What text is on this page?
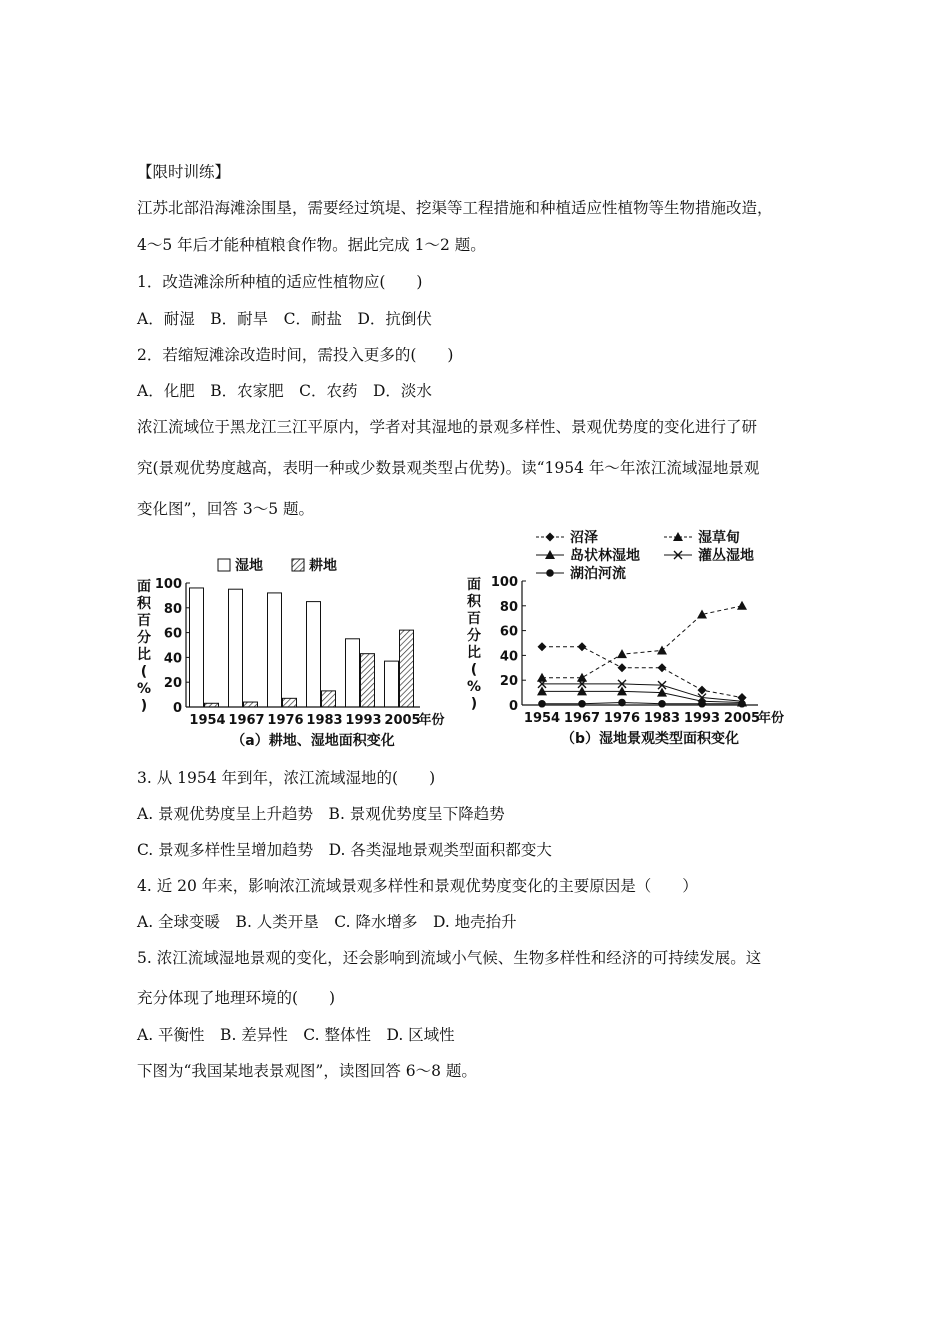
【限时训练】
江苏北部沿海滩涂围垦，需要经过筑堤、挖渠等工程措施和种植适应性植物等生物措施改造，
4～5 年后才能种植粮食作物。据此完成 1～2 题。
1．改造滩涂所种植的适应性植物应(　　)
A．耐湿　B．耐旱　C．耐盐　D．抗倒伏
2．若缩短滩涂改造时间，需投入更多的(　　)
A．化肥　B．农家肥　C．农药　D．淡水
浓江流域位于黑龙江三江平原内，学者对其湿地的景观多样性、景观优势度的变化进行了研
究(景观优势度越高，表明一种或少数景观类型占优势)。读“1954 年～年浓江流域湿地景观
变化图”，回答 3～5 题。
湿地	耕地
面
积
百
分
比
(
%
) 0
20
40
60
80
100
1954 1967 1976 1983 1993 2005
年份
（a）耕地、湿地面积变化
沼泽	湿草甸
岛状林湿地	灌丛湿地
湖泊河流
面
积
百
分
比
(
%
) 0
20
40
60
80
100
1954 1967 1976 1983 1993 2005
年份
（b）湿地景观类型面积变化
3. 从 1954 年到年，浓江流域湿地的(　　)
A. 景观优势度呈上升趋势　B. 景观优势度呈下降趋势
C. 景观多样性呈增加趋势　D. 各类湿地景观类型面积都变大
4. 近 20 年来，影响浓江流域景观多样性和景观优势度变化的主要原因是（　　）
A. 全球变暖　B. 人类开垦　C. 降水增多　D. 地壳抬升
5. 浓江流域湿地景观的变化，还会影响到流域小气候、生物多样性和经济的可持续发展。这
充分体现了地理环境的(　　)
A. 平衡性　B. 差异性　C. 整体性　D. 区域性
下图为“我国某地表景观图”，读图回答 6～8 题。
